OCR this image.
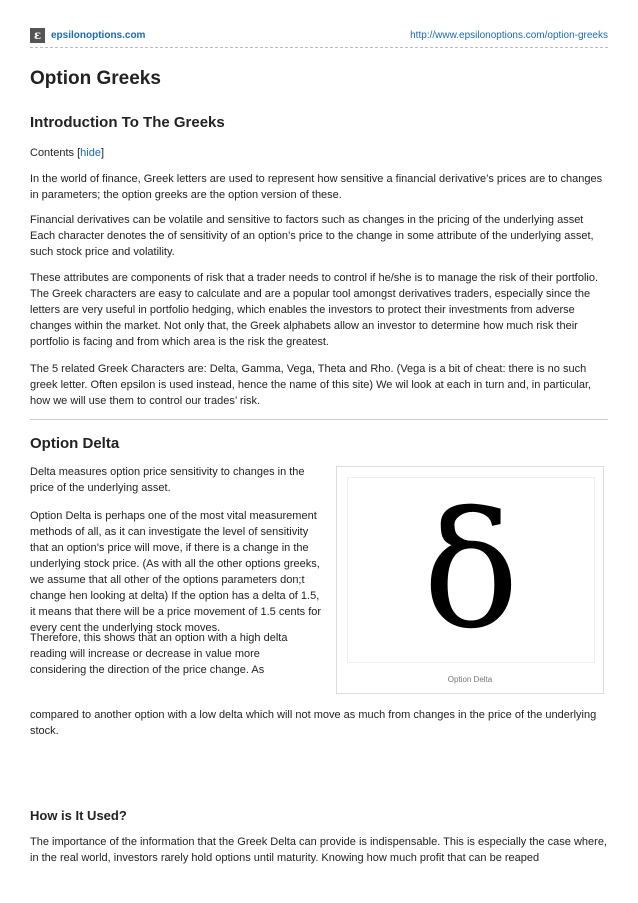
ε epsilonoptions.com	http://www.epsilonoptions.com/option-greeks
Option Greeks
Introduction To The Greeks

Contents [hide]

In the world of finance, Greek letters are used to represent how sensitive a financial derivative’s prices are to changes in parameters; the option greeks are the option version of these.

Financial derivatives can be volatile and sensitive to factors such as changes in the pricing of the underlying asset Each character denotes the of sensitivity of an option’s price to the change in some attribute of the underlying asset, such stock price and volatility.

These attributes are components of risk that a trader needs to control if he/she is to manage the risk of their portfolio. The Greek characters are easy to calculate and are a popular tool amongst derivatives traders, especially since the letters are very useful in portfolio hedging, which enables the investors to protect their investments from adverse changes within the market. Not only that, the Greek alphabets allow an investor to determine how much risk their portfolio is facing and from which area is the risk the greatest.

The 5 related Greek Characters are: Delta, Gamma, Vega, Theta and Rho. (Vega is a bit of cheat: there is no such greek letter. Often epsilon is used instead, hence the name of this site) We wil look at each in turn and, in particular, how we will use them to control our trades’ risk.

Option Delta

Delta measures option price sensitivity to changes in the price of the underlying asset.

Option Delta is perhaps one of the most vital measurement methods of all, as it can investigate the level of sensitivity that an option’s price will move, if there is a change in the underlying stock price. (As with all the other options greeks, we assume that all other of the options parameters don;t change hen looking at delta) If the option has a delta of 1.5, it means that there will be a price movement of 1.5 cents for every cent the underlying stock moves.

Therefore, this shows that an option with a high delta reading will increase or decrease in value more considering the direction of the price change. As

compared to another option with a low delta which will not move as much from changes in the price of the underlying stock.

δ
Option Delta
How is It Used?

The importance of the information that the Greek Delta can provide is indispensable. This is especially the case where, in the real world, investors rarely hold options until maturity. Knowing how much profit that can be reaped
